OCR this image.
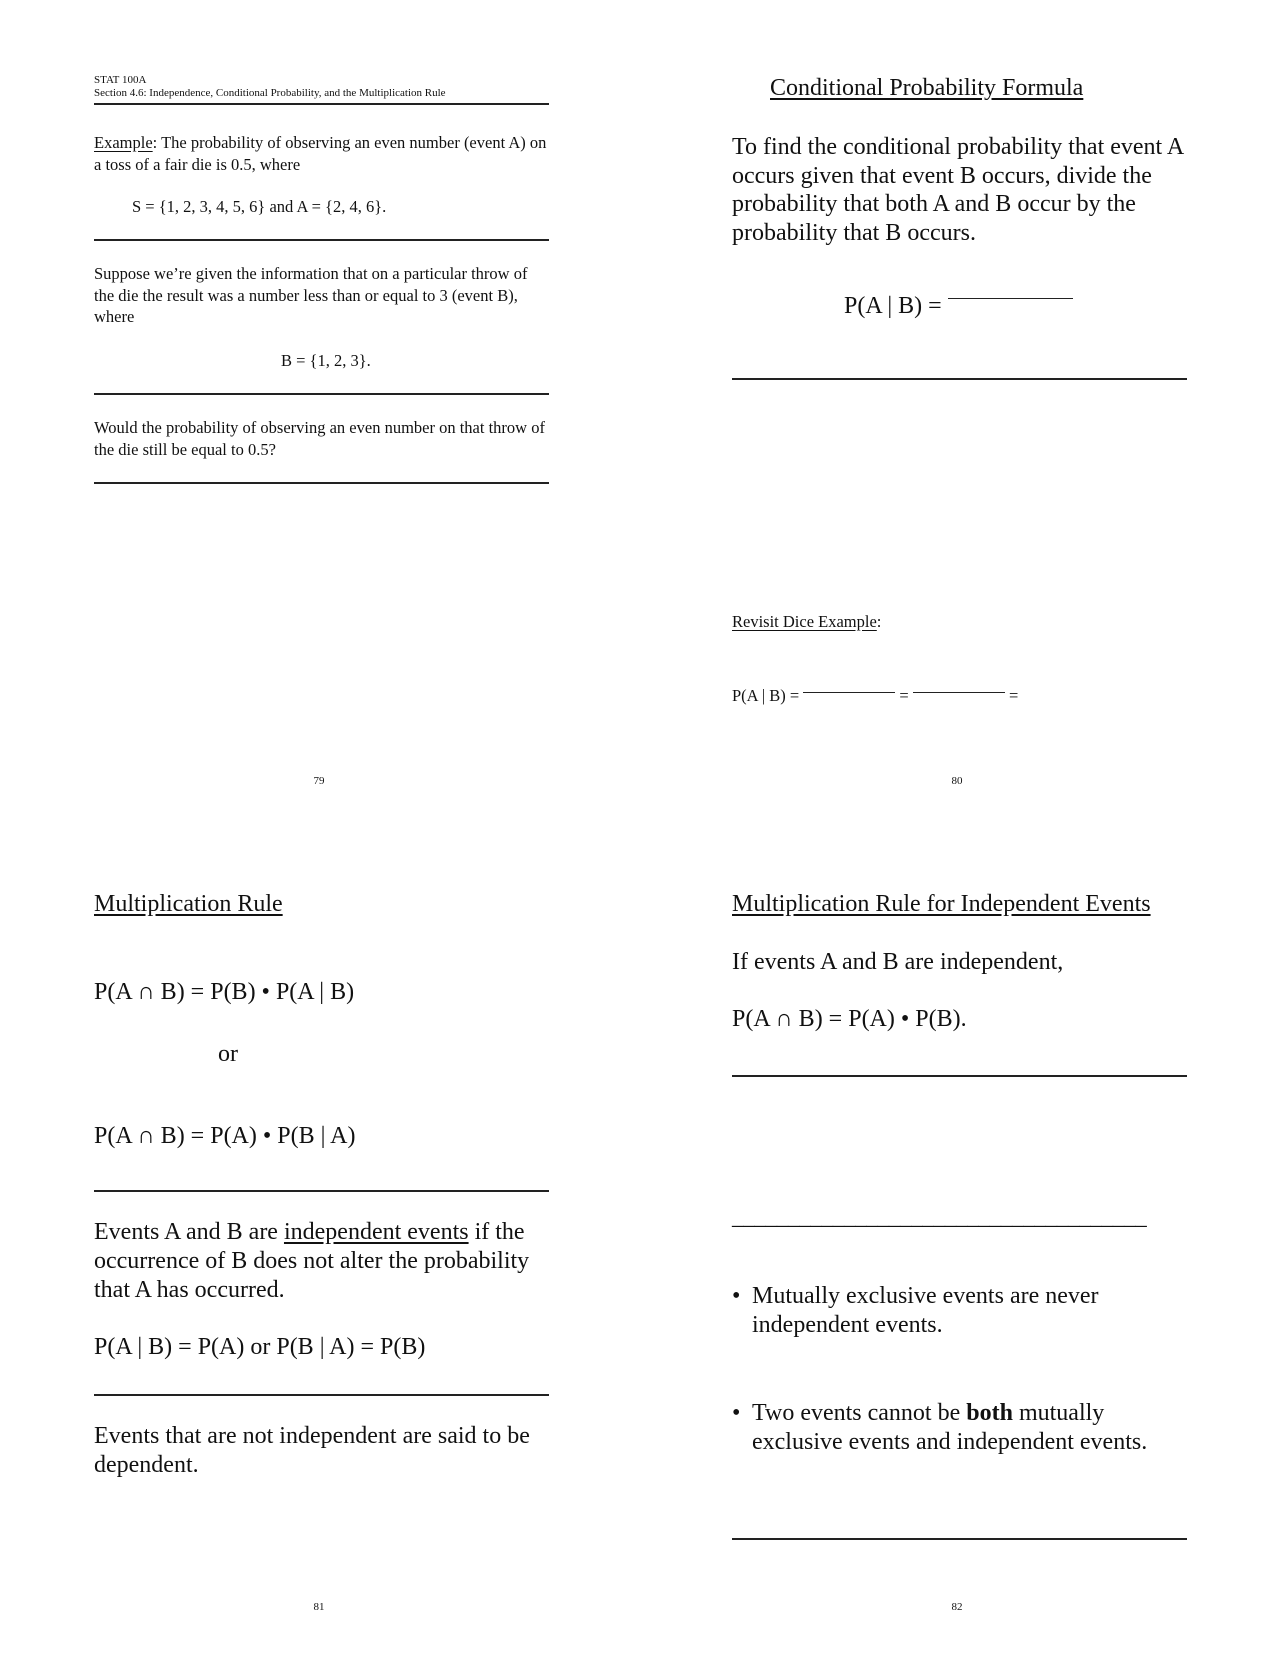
STAT 100A
Section 4.6: Independence, Conditional Probability, and the Multiplication Rule
Example: The probability of observing an even number (event A) on a toss of a fair die is 0.5, where
S = {1, 2, 3, 4, 5, 6} and A = {2, 4, 6}.
Suppose we’re given the information that on a particular throw of the die the result was a number less than or equal to 3 (event B), where
B = {1, 2, 3}.
Would the probability of observing an even number on that throw of the die still be equal to 0.5?
79
Conditional Probability Formula
To find the conditional probability that event A occurs given that event B occurs, divide the probability that both A and B occur by the probability that B occurs.
P(A | B) =
Revisit Dice Example:
P(A | B) =	=	=
80
Multiplication Rule
P(A ∩ B) = P(B) • P(A | B)
or
P(A ∩ B) = P(A) • P(B | A)
Events A and B are independent events if the occurrence of B does not alter the probability that A has occurred.
P(A | B) = P(A) or P(B | A) = P(B)
Events that are not independent are said to be dependent.
81
Multiplication Rule for Independent Events
If events A and B are independent,
P(A ∩ B) = P(A) • P(B).
_____________________________________
• Mutually exclusive events are never independent events.
• Two events cannot be both mutually exclusive events and independent events.
82
